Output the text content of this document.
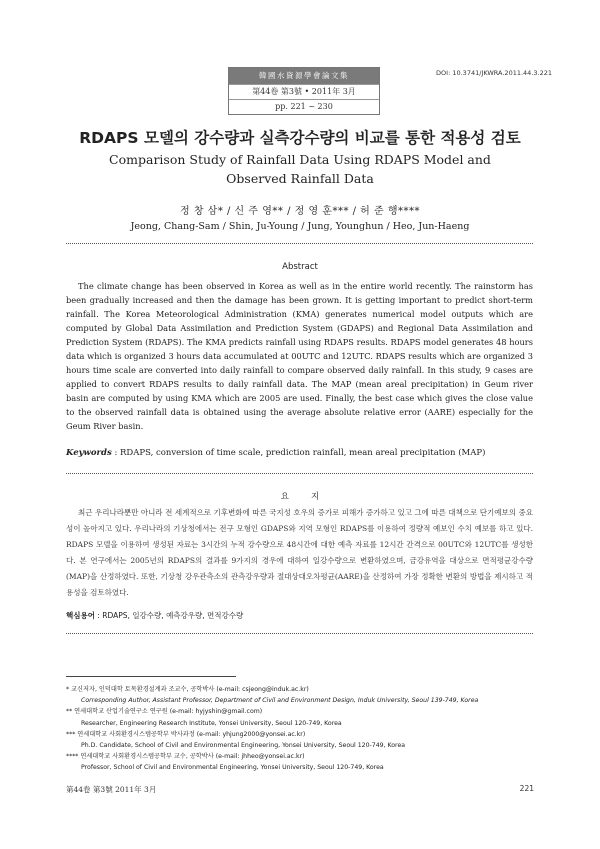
韓國水資源學會論文集
第44卷 第3號 • 2011年 3月
pp. 221 ~ 230
DOI: 10.3741/JKWRA.2011.44.3.221
RDAPS 모델의 강수량과 실측강수량의 비교를 통한 적용성 검토
Comparison Study of Rainfall Data Using RDAPS Model and
Observed Rainfall Data
정 창 삼* / 신 주 영** / 정 영 훈*** / 허 준 행****
Jeong, Chang-Sam / Shin, Ju-Young / Jung, Younghun / Heo, Jun-Haeng
Abstract
The climate change has been observed in Korea as well as in the entire world recently. The rainstorm has been gradually increased and then the damage has been grown. It is getting important to predict short-term rainfall. The Korea Meteorological Administration (KMA) generates numerical model outputs which are computed by Global Data Assimilation and Prediction System (GDAPS) and Regional Data Assimilation and Prediction System (RDAPS). The KMA predicts rainfall using RDAPS results. RDAPS model generates 48 hours data which is organized 3 hours data accumulated at 00UTC and 12UTC. RDAPS results which are organized 3 hours time scale are converted into daily rainfall to compare observed daily rainfall. In this study, 9 cases are applied to convert RDAPS results to daily rainfall data. The MAP (mean areal precipitation) in Geum river basin are computed by using KMA which are 2005 are used. Finally, the best case which gives the close value to the observed rainfall data is obtained using the average absolute relative error (AARE) especially for the Geum River basin.
Keywords : RDAPS, conversion of time scale, prediction rainfall, mean areal precipitation (MAP)
요지
최근 우리나라뿐만 아니라 전 세계적으로 기후변화에 따른 국지성 호우의 증가로 피해가 증가하고 있고 그에 따른 대책으로 단기예보의 중요성이 높아지고 있다. 우리나라의 기상청에서는 전구 모형인 GDAPS와 지역 모형인 RDAPS를 이용하여 정량적 예보인 수치 예보를 하고 있다. RDAPS 모델을 이용하여 생성된 자료는 3시간의 누적 강수량으로 48시간에 대한 예측 자료를 12시간 간격으로 00UTC와 12UTC를 생성한다. 본 연구에서는 2005년의 RDAPS의 결과를 9가지의 경우에 대하여 일강수량으로 변환하였으며, 금강유역을 대상으로 면적평균강수량(MAP)을 산정하였다. 또한, 기상청 강우관측소의 관측강우량과 절대상대오차평균(AARE)을 산정하여 가장 정확한 변환의 방법을 제시하고 적용성을 검토하였다.
핵심용어 : RDAPS, 일강수량, 예측강우량, 면적강수량
* 교신저자, 인덕대학 토목환경설계과 조교수, 공학박사 (e-mail: csjeong@induk.ac.kr)
Corresponding Author, Assistant Professor, Department of Civil and Environment Design, Induk University, Seoul 139-749, Korea
** 연세대학교 산업기술연구소 연구원 (e-mail: hyjyshin@gmail.com)
Researcher, Engineering Research Institute, Yonsei University, Seoul 120-749, Korea
*** 연세대학교 사회환경시스템공학부 박사과정 (e-mail: yhjung2000@yonsei.ac.kr)
Ph.D. Candidate, School of Civil and Environmental Engineering, Yonsei University, Seoul 120-749, Korea
**** 연세대학교 사회환경시스템공학부 교수, 공학박사 (e-mail: jhheo@yonsei.ac.kr)
Professor, School of Civil and Environmental Engineering, Yonsei University, Seoul 120-749, Korea
第44卷 第3號 2011年 3月	221
